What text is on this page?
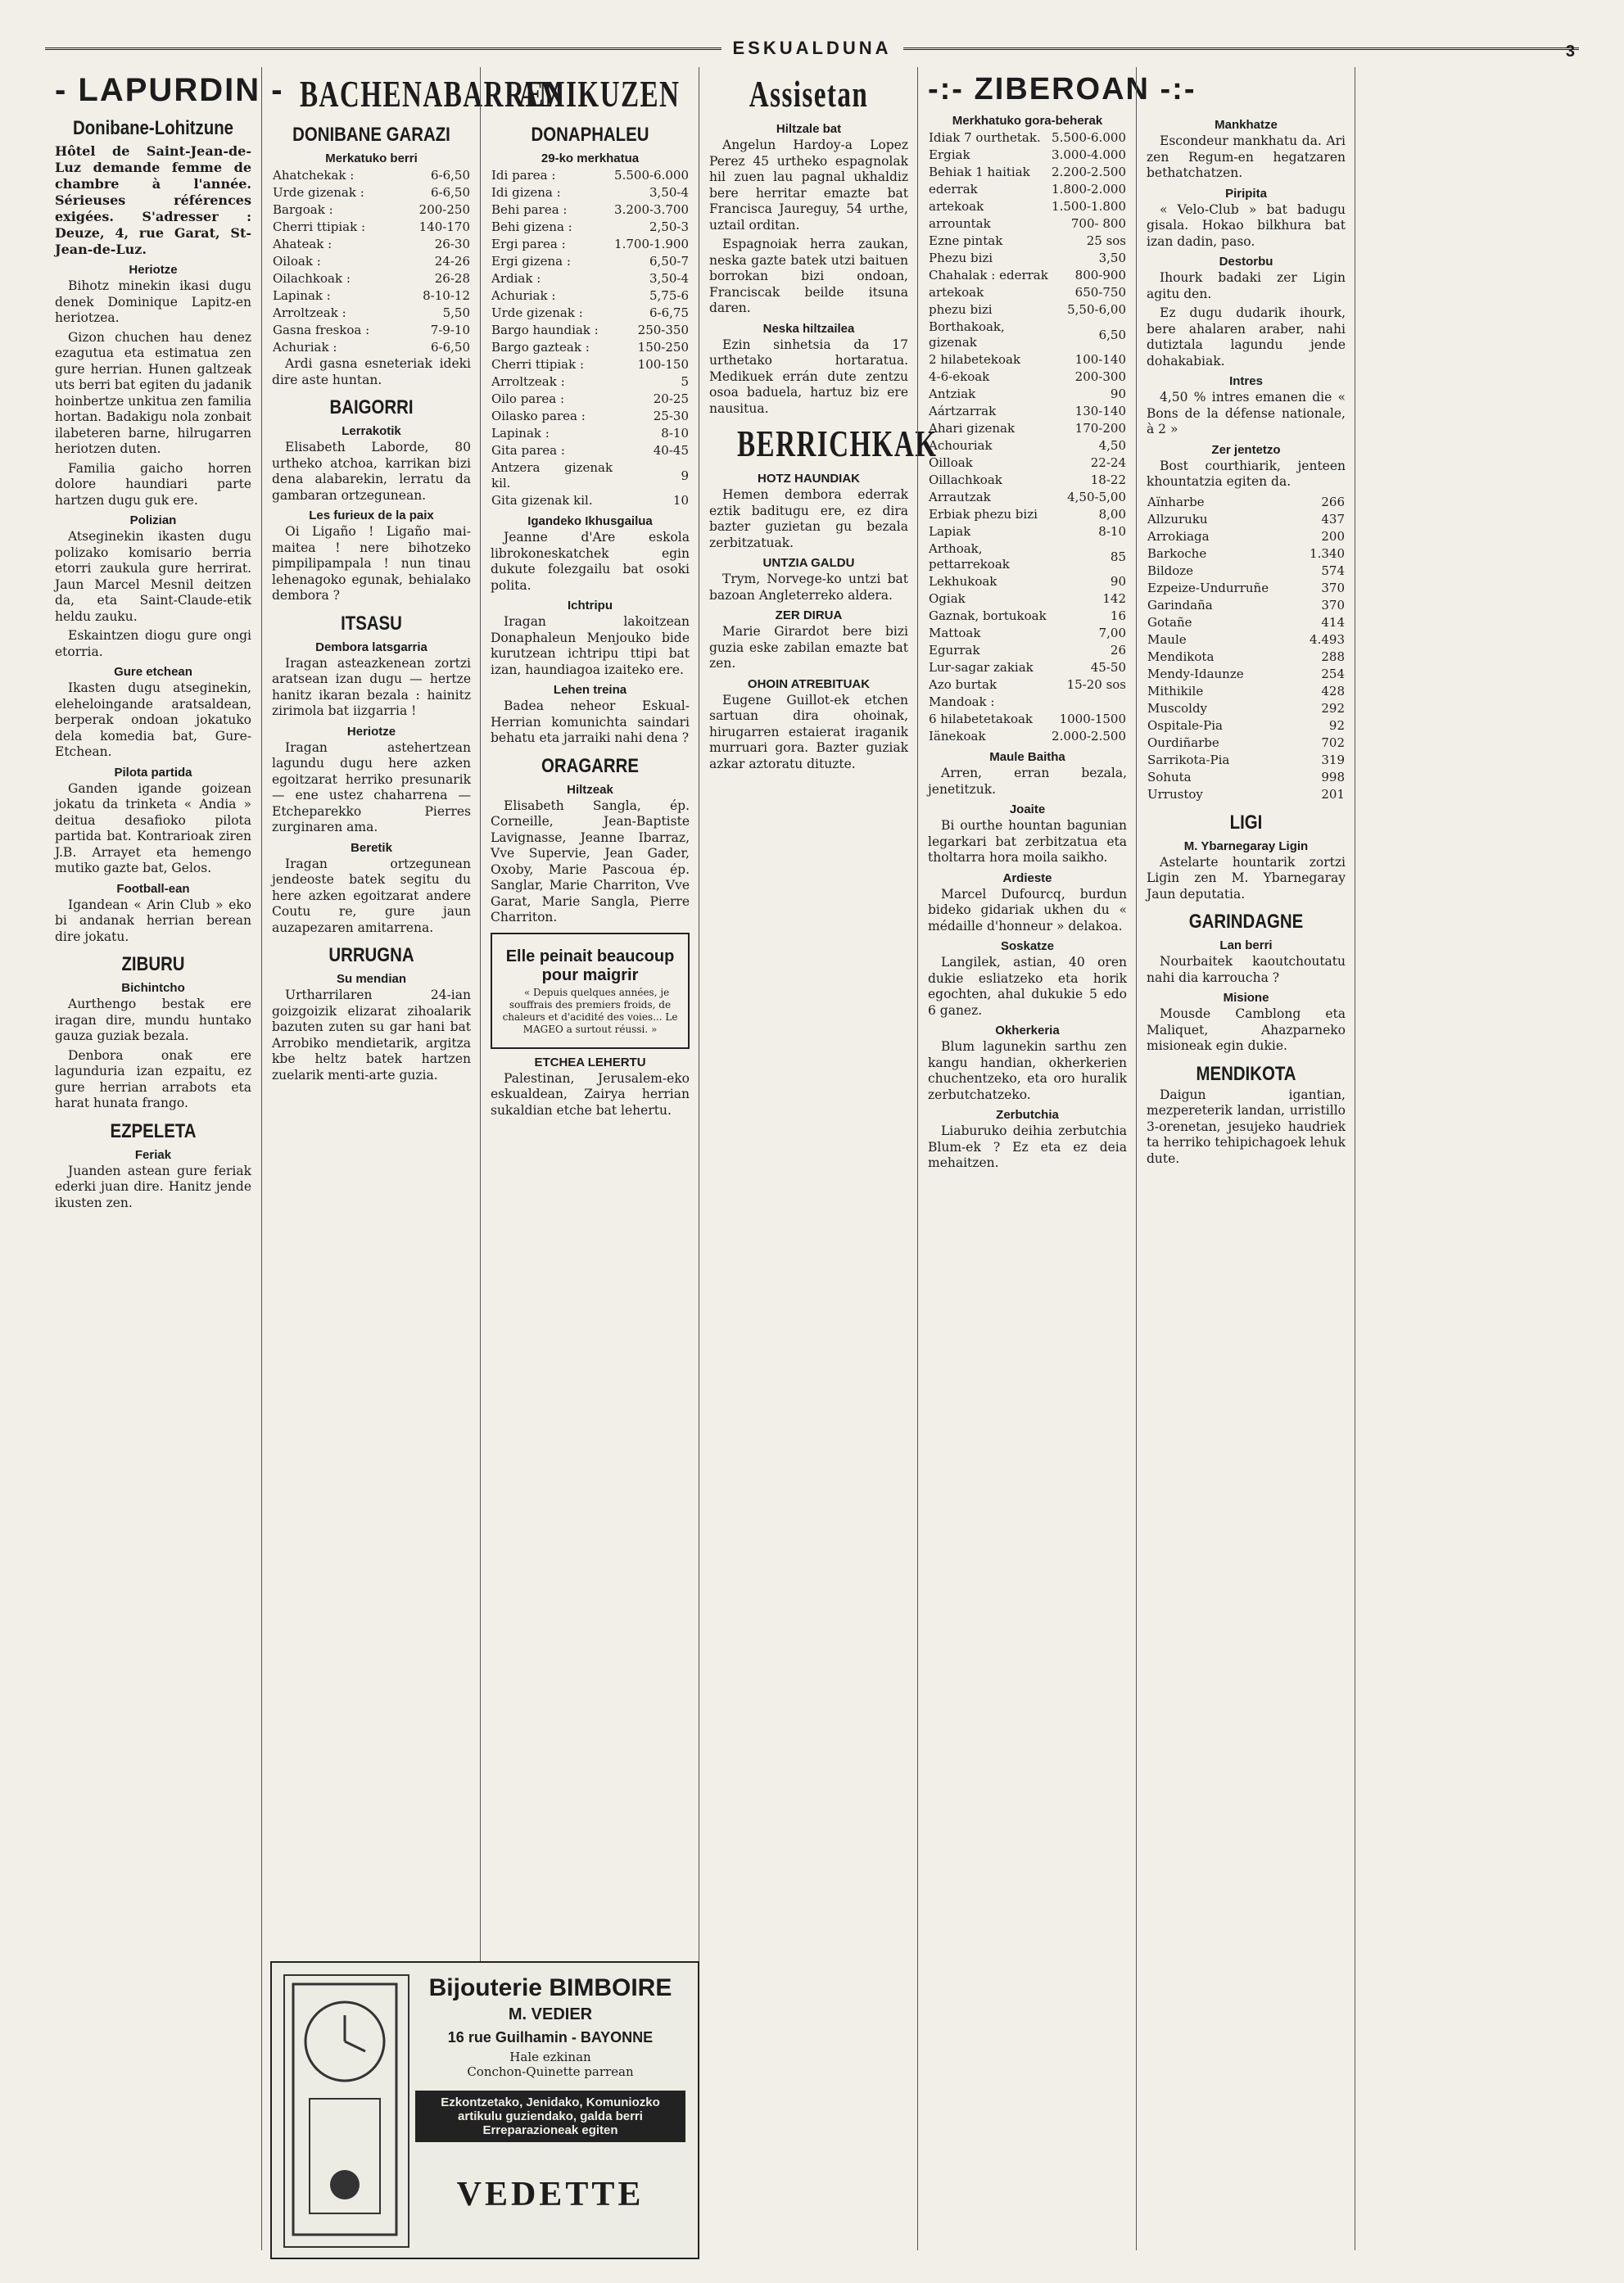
ESKUALDUNA	3
- LAPURDIN -
Donibane-Lohitzune

Hôtel de Saint-Jean-de-Luz demande femme de chambre à l'année. Sérieuses références exigées. S'adresser : Deuze, 4, rue Garat, St-Jean-de-Luz.

Heriotze

Bihotz minekin ikasi dugu denek Dominique Lapitz-en heriotzea.

Gizon chuchen hau denez ezagutua eta estimatua zen gure herrian. Hunen galtzeak uts berri bat egiten du jadanik hoinbertze unkitua zen familia hortan. Badakigu nola zonbait ilabeteren barne, hilrugarren heriotzen duten.

Familia gaicho horren dolore haundiari parte hartzen dugu guk ere.

Polizian

Atseginekin ikasten dugu polizako komisario berria etorri zaukula gure herrirat. Jaun Marcel Mesnil deitzen da, eta Saint-Claude-etik heldu zauku.

Eskaintzen diogu gure ongi etorria.

Gure etchean

Ikasten dugu atseginekin, eleheloingande aratsaldean, berperak ondoan jokatuko dela komedia bat, Gure-Etchean.

Pilota partida

Ganden igande goizean jokatu da trinketa « Andia » deitua desafioko pilota partida bat. Kontrarioak ziren J.B. Arrayet eta hemengo mutiko gazte bat, Gelos.

Football-ean

Igandean « Arin Club » eko bi andanak herrian berean dire jokatu.

ZIBURU
Bichintcho

Aurthengo bestak ere iragan dire, mundu huntako gauza guziak bezala.

Denbora onak ere lagunduria izan ezpaitu, ez gure herrian arrabots eta harat hunata frango.

EZPELETA
Feriak

Juanden astean gure feriak ederki juan dire. Hanitz jende ikusten zen.

BACHENABARREN
DONIBANE GARAZI
Merkatuko berri
Ahatchekak :	6-6,50
Urde gizenak :	6-6,50
Bargoak :	200-250
Cherri ttipiak :	140-170
Ahateak :	26-30
Oiloak :	24-26
Oilachkoak :	26-28
Lapinak :	8-10-12
Arroltzeak :	5,50
Gasna freskoa :	7-9-10
Achuriak :	6-6,50

Ardi gasna esneteriak ideki dire aste huntan.

BAIGORRI
Lerrakotik

Elisabeth Laborde, 80 urtheko atchoa, karrikan bizi dena alabarekin, lerratu da gambaran ortzegunean.

Les furieux de la paix

Oi Ligaño ! Ligaño mai-maitea ! nere bihotzeko pimpilipampala ! nun tinau lehenagoko egunak, behialako dembora ?

ITSASU
Dembora latsgarria

Iragan asteazkenean zortzi aratsean izan dugu — hertze hanitz ikaran bezala : hainitz zirimola bat iizgarria !

Heriotze

Iragan astehertzean lagundu dugu here azken egoitzarat herriko presunarik — ene ustez chaharrena — Etcheparekko Pierres zurginaren ama.

Beretik

Iragan ortzegunean jendeoste batek segitu du here azken egoitzarat andere Coutu re, gure jaun auzapezaren amitarrena.

URRUGNA
Su mendian

Urtharrilaren 24-ian goizgoizik elizarat zihoalarik bazuten zuten su gar hani bat Arrobiko mendietarik, argitza kbe heltz batek hartzen zuelarik menti-arte guzia.

AMIKUZEN
DONAPHALEU
29-ko merkhatua
Idi parea :	5.500-6.000
Idi gizena :	3,50-4
Behi parea :	3.200-3.700
Behi gizena :	2,50-3
Ergi parea :	1.700-1.900
Ergi gizena :	6,50-7
Ardiak :	3,50-4
Achuriak :	5,75-6
Urde gizenak :	6-6,75
Bargo haundiak :	250-350
Bargo gazteak :	150-250
Cherri ttipiak :	100-150
Arroltzeak :	5
Oilo parea :	20-25
Oilasko parea :	25-30
Lapinak :	8-10
Gita parea :	40-45
Antzera gizenak kil.	9
Gita gizenak kil.	10
Igandeko Ikhusgailua

Jeanne d'Are eskola librokoneskatchek egin dukute folezgailu bat osoki polita.

Ichtripu

Iragan lakoitzean Donaphaleun Menjouko bide kurutzean ichtripu ttipi bat izan, haundiagoa izaiteko ere.

Lehen treina

Badea neheor Eskual-Herrian komunichta saindari behatu eta jarraiki nahi dena ?

ORAGARRE
Hiltzeak

Elisabeth Sangla, ép. Corneille, Jean-Baptiste Lavignasse, Jeanne Ibarraz, Vve Supervie, Jean Gader, Oxoby, Marie Pascoua ép. Sanglar, Marie Charriton, Vve Garat, Marie Sangla, Pierre Charriton.

Elle peinait beaucoup pour maigrir

« Depuis quelques années, je souffrais des premiers froids, de chaleurs et d'acidité des voies... Le MAGEO a surtout réussi. »

ETCHEA LEHERTU

Palestinan, Jerusalem-eko eskualdean, Zairya herrian sukaldian etche bat lehertu.

Assisetan
Hiltzale bat

Angelun Hardoy-a Lopez Perez 45 urtheko espagnolak hil zuen lau pagnal ukhaldiz bere herritar emazte bat Francisca Jaureguy, 54 urthe, uztail orditan.

Espagnoiak herra zaukan, neska gazte batek utzi baituen borrokan bizi ondoan, Franciscak beilde itsuna daren.

Neska hiltzailea

Ezin sinhetsia da 17 urthetako hortaratua. Medikuek errán dute zentzu osoa baduela, hartuz biz ere nausitua.

BERRICHKAK
HOTZ HAUNDIAK

Hemen dembora ederrak eztik baditugu ere, ez dira bazter guzietan gu bezala zerbitzatuak.

UNTZIA GALDU

Trym, Norvege-ko untzi bat bazoan Angleterreko aldera.

ZER DIRUA

Marie Girardot bere bizi guzia eske zabilan emazte bat zen.

OHOIN ATREBITUAK

Eugene Guillot-ek etchen sartuan dira ohoinak, hirugarren estaierat iraganik murruari gora. Bazter guziak azkar aztoratu dituzte.

-:- ZIBEROAN -:-
Merkhatuko gora-beherak
Idiak 7 ourthetak.	5.500-6.000
Ergiak	3.000-4.000
Behiak 1 haitiak	2.200-2.500
ederrak	1.800-2.000
artekoak	1.500-1.800
arrountak	700- 800
Ezne pintak	25 sos
Phezu bizi	3,50
Chahalak : ederrak	800-900
artekoak	650-750
phezu bizi	5,50-6,00
Borthakoak, gizenak	6,50
2 hilabetekoak	100-140
4-6-ekoak	200-300
Antziak	90
Aártzarrak	130-140
Ahari gizenak	170-200
Achouriak	4,50
Oilloak	22-24
Oillachkoak	18-22
Arrautzak	4,50-5,00
Erbiak phezu bizi	8,00
Lapiak	8-10
Arthoak, pettarrekoak	85
Lekhukoak	90
Ogiak	142
Gaznak, bortukoak	16
Mattoak	7,00
Egurrak	26
Lur-sagar zakiak	45-50
Azo burtak	15-20 sos
Mandoak :	
6 hilabetetakoak	1000-1500
Iänekoak	2.000-2.500
Maule Baitha

Arren, erran bezala, jenetitzuk.

Joaite

Bi ourthe hountan bagunian legarkari bat zerbitzatua eta tholtarra hora moila saikho.

Ardieste

Marcel Dufourcq, burdun bideko gidariak ukhen du « médaille d'honneur » delakoa.

Soskatze

Langilek, astian, 40 oren dukie esliatzeko eta horik egochten, ahal dukukie 5 edo 6 ganez.

Okherkeria

Blum lagunekin sarthu zen kangu handian, okherkerien chuchentzeko, eta oro huralik zerbutchatzeko.

Zerbutchia

Liaburuko deihia zerbutchia Blum-ek ? Ez eta ez deia mehaitzen.

Mankhatze

Escondeur mankhatu da. Ari zen Regum-en hegatzaren bethatchatzen.

Piripita

« Velo-Club » bat badugu gisala. Hokao bilkhura bat izan dadin, paso.

Destorbu

Ihourk badaki zer Ligin agitu den.

Ez dugu dudarik ihourk, bere ahalaren araber, nahi dutiztala lagundu jende dohakabiak.

Intres

4,50 % intres emanen die « Bons de la défense nationale, à 2 »

Zer jentetzo

Bost courthiarik, jenteen khountatzia egiten da.

Aïnharbe	266
Allzuruku	437
Arrokiaga	200
Barkoche	1.340
Bildoze	574
Ezpeize-Undurruñe	370
Garindaña	370
Gotañe	414
Maule	4.493
Mendikota	288
Mendy-Idaunze	254
Mithikile	428
Muscoldy	292
Ospitale-Pia	92
Ourdiñarbe	702
Sarrikota-Pia	319
Sohuta	998
Urrustoy	201
LIGI
M. Ybarnegaray Ligin

Astelarte hountarik zortzi Ligin zen M. Ybarnegaray Jaun deputatia.

GARINDAGNE
Lan berri

Nourbaitek kaoutchoutatu nahi dia karroucha ?

Misione

Mousde Camblong eta Maliquet, Ahazparneko misioneak egin dukie.

MENDIKOTA

Daigun igantian, mezpereterik landan, urristillo 3-orenetan, jesujeko haudriek ta herriko tehipichagoek lehuk dute.

Bijouterie BIMBOIRE
M. VEDIER
16 rue Guilhamin - BAYONNE
Hale ezkinan
Conchon-Quinette parrean
Ezkontzetako, Jenidako, Komuniozko artikulu guziendako, galda berri Erreparazioneak egiten
VEDETTE
